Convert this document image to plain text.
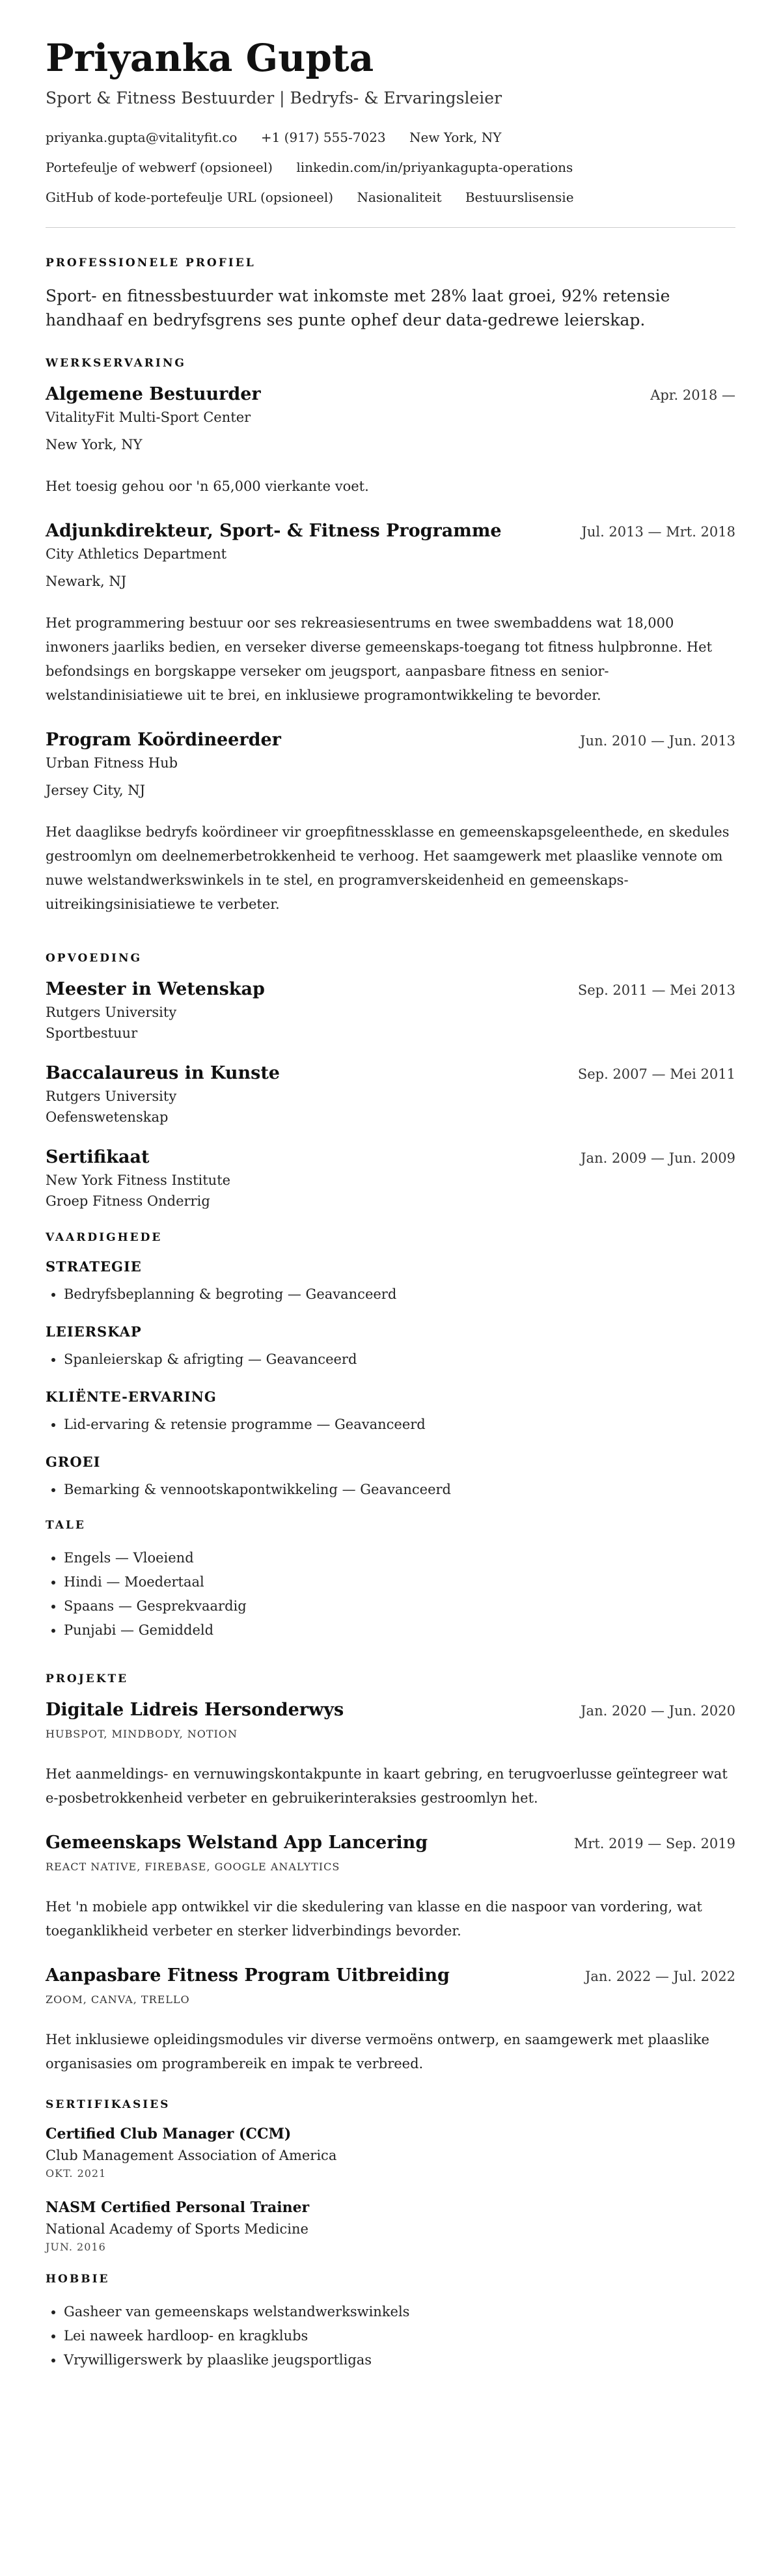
Priyanka Gupta
Sport & Fitness Bestuurder | Bedryfs- & Ervaringsleier
priyanka.gupta@vitalityfit.co +1 (917) 555-7023 New York, NY
Portefeulje of webwerf (opsioneel) linkedin.com/in/priyankagupta-operations
GitHub of kode-portefeulje URL (opsioneel) Nasionaliteit Bestuurslisensie
PROFESSIONELE PROFIEL

Sport- en fitnessbestuurder wat inkomste met 28% laat groei, 92% retensie handhaaf en bedryfsgrens ses punte ophef deur data-gedrewe leierskap.

WERKSERVARING
Algemene Bestuurder	Apr. 2018 —
VitalityFit Multi-Sport Center
New York, NY
Het toesig gehou oor 'n 65,000 vierkante voet.
Adjunkdirekteur, Sport- & Fitness Programme	Jul. 2013 — Mrt. 2018
City Athletics Department
Newark, NJ
Het programmering bestuur oor ses rekreasiesentrums en twee swembaddens wat 18,000 inwoners jaarliks bedien, en verseker diverse gemeenskaps-toegang tot fitness hulpbronne. Het befondsings en borgskappe verseker om jeugsport, aanpasbare fitness en senior-welstandinisiatiewe uit te brei, en inklusiewe programontwikkeling te bevorder.
Program Koördineerder	Jun. 2010 — Jun. 2013
Urban Fitness Hub
Jersey City, NJ
Het daaglikse bedryfs koördineer vir groepfitnessklasse en gemeenskapsgeleenthede, en skedules gestroomlyn om deelnemerbetrokkenheid te verhoog. Het saamgewerk met plaaslike vennote om nuwe welstandwerkswinkels in te stel, en programverskeidenheid en gemeenskaps-uitreikingsinisiatiewe te verbeter.
OPVOEDING
Meester in Wetenskap	Sep. 2011 — Mei 2013
Rutgers University
Sportbestuur
Baccalaureus in Kunste	Sep. 2007 — Mei 2011
Rutgers University
Oefenswetenskap
Sertifikaat	Jan. 2009 — Jun. 2009
New York Fitness Institute
Groep Fitness Onderrig
VAARDIGHEDE
STRATEGIE
• Bedryfsbeplanning & begroting — Geavanceerd
LEIERSKAP
• Spanleierskap & afrigting — Geavanceerd
KLIËNTE-ERVARING
• Lid-ervaring & retensie programme — Geavanceerd
GROEI
• Bemarking & vennootskapontwikkeling — Geavanceerd
TALE
• Engels — Vloeiend
• Hindi — Moedertaal
• Spaans — Gesprekvaardig
• Punjabi — Gemiddeld
PROJEKTE
Digitale Lidreis Hersonderwys	Jan. 2020 — Jun. 2020
HUBSPOT, MINDBODY, NOTION
Het aanmeldings- en vernuwingskontakpunte in kaart gebring, en terugvoerlusse geïntegreer wat e-posbetrokkenheid verbeter en gebruikerinteraksies gestroomlyn het.
Gemeenskaps Welstand App Lancering	Mrt. 2019 — Sep. 2019
REACT NATIVE, FIREBASE, GOOGLE ANALYTICS
Het 'n mobiele app ontwikkel vir die skedulering van klasse en die naspoor van vordering, wat toeganklikheid verbeter en sterker lidverbindings bevorder.
Aanpasbare Fitness Program Uitbreiding	Jan. 2022 — Jul. 2022
ZOOM, CANVA, TRELLO
Het inklusiewe opleidingsmodules vir diverse vermoëns ontwerp, en saamgewerk met plaaslike organisasies om programbereik en impak te verbreed.
SERTIFIKASIES
Certified Club Manager (CCM)
Club Management Association of America
OKT. 2021
NASM Certified Personal Trainer
National Academy of Sports Medicine
JUN. 2016
HOBBIE
• Gasheer van gemeenskaps welstandwerkswinkels
• Lei naweek hardloop- en kragklubs
• Vrywilligerswerk by plaaslike jeugsportligas
